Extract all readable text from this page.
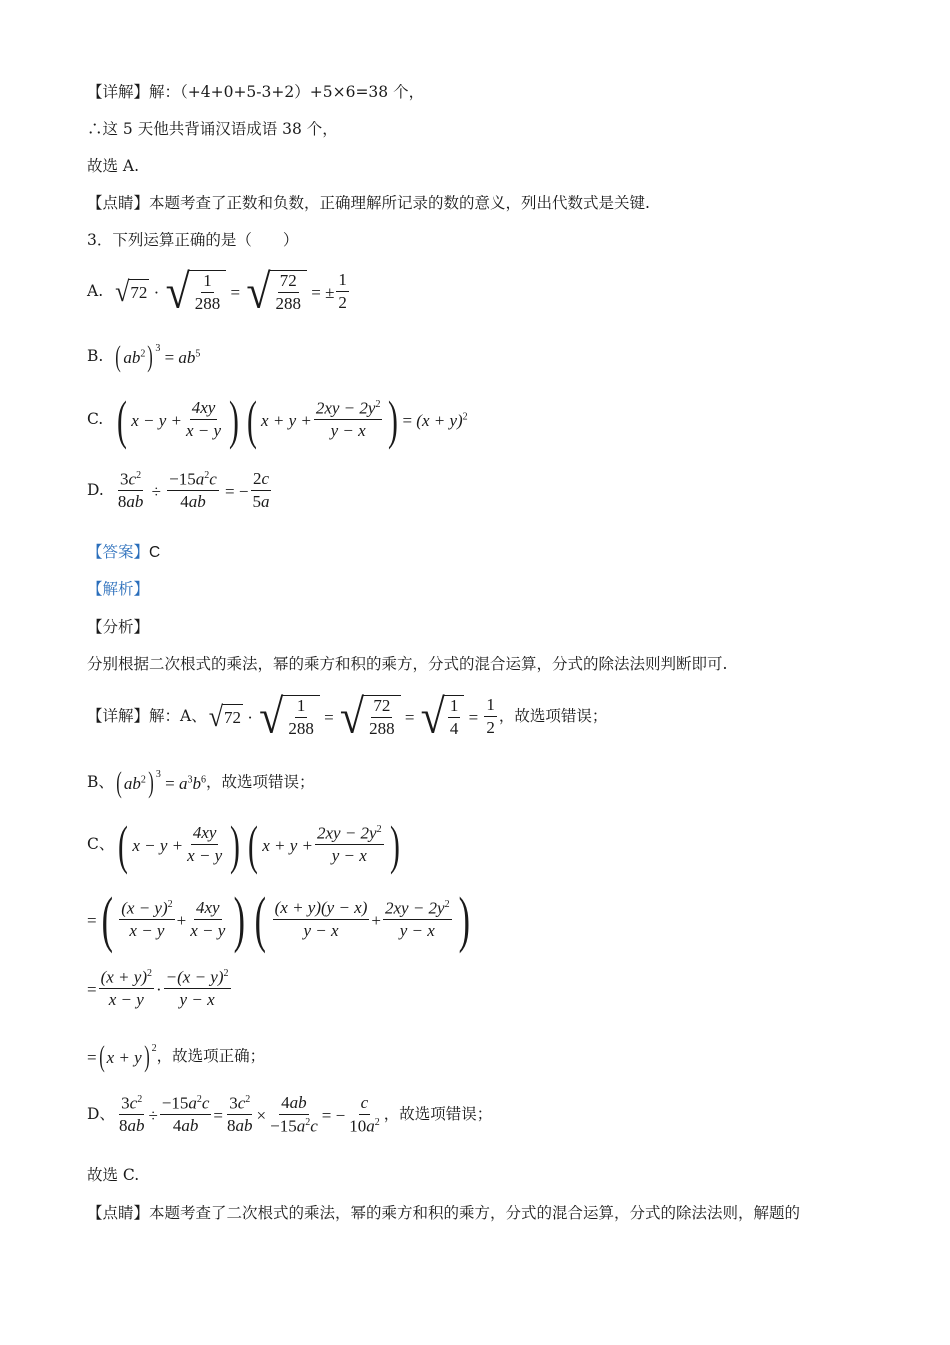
【详解】解：（+4+0+5-3+2）+5×6=38 个，
∴这 5 天他共背诵汉语成语 38 个，
故选 A.
【点睛】本题考查了正数和负数，正确理解所记录的数的意义，列出代数式是关键.
3．下列运算正确的是（　　）
A. √ 72 · √ $\frac{1}{288}$ = √ $\frac{72}{288}$ = ± $\frac{1}{2}$
B. ( $ab^2$ )$^3 = ab^5$
C. ( $x - y + \frac{4xy}{x - y}$ ) ( $x + y + \frac{2xy - 2y^2}{y - x}$ ) = $(x + y)^2$
D. $\frac{3c^2}{8ab} \div \frac{-15a^2c}{4ab}$ = − $\frac{2c}{5a}$
【答案】C
【解析】
【分析】
分别根据二次根式的乘法，幂的乘方和积的乘方，分式的混合运算，分式的除法法则判断即可.
【详解】解：A、 √ 72 · √ $\frac{1}{288}$ = √ $\frac{72}{288}$ = √ $\frac{1}{4} = \frac{1}{2}$ ，故选项错误；
B、 ( $ab^2$ )$^3 = a^3b^6$ ，故选项错误；
C、 ( $x - y + \frac{4xy}{x - y}$ ) ( $x + y + \frac{2xy - 2y^2}{y - x}$ )
= ( $\frac{(x - y)^2}{x - y} + \frac{4xy}{x - y}$ ) ( $\frac{(x + y)(y - x)}{y - x} + \frac{2xy - 2y^2}{y - x}$ )
= $\frac{(x + y)^2}{x - y} \cdot \frac{-(x - y)^2}{y - x}$
= ( x + y )$^2$ ，故选项正确；
D、 $\frac{3c^2}{8ab} \div \frac{-15a^2c}{4ab} = \frac{3c^2}{8ab} \times \frac{4ab}{-15a^2c}$ = − $\frac{c}{10a^2}$ ，故选项错误；
故选 C.
【点睛】本题考查了二次根式的乘法，幂的乘方和积的乘方，分式的混合运算，分式的除法法则，解题的
